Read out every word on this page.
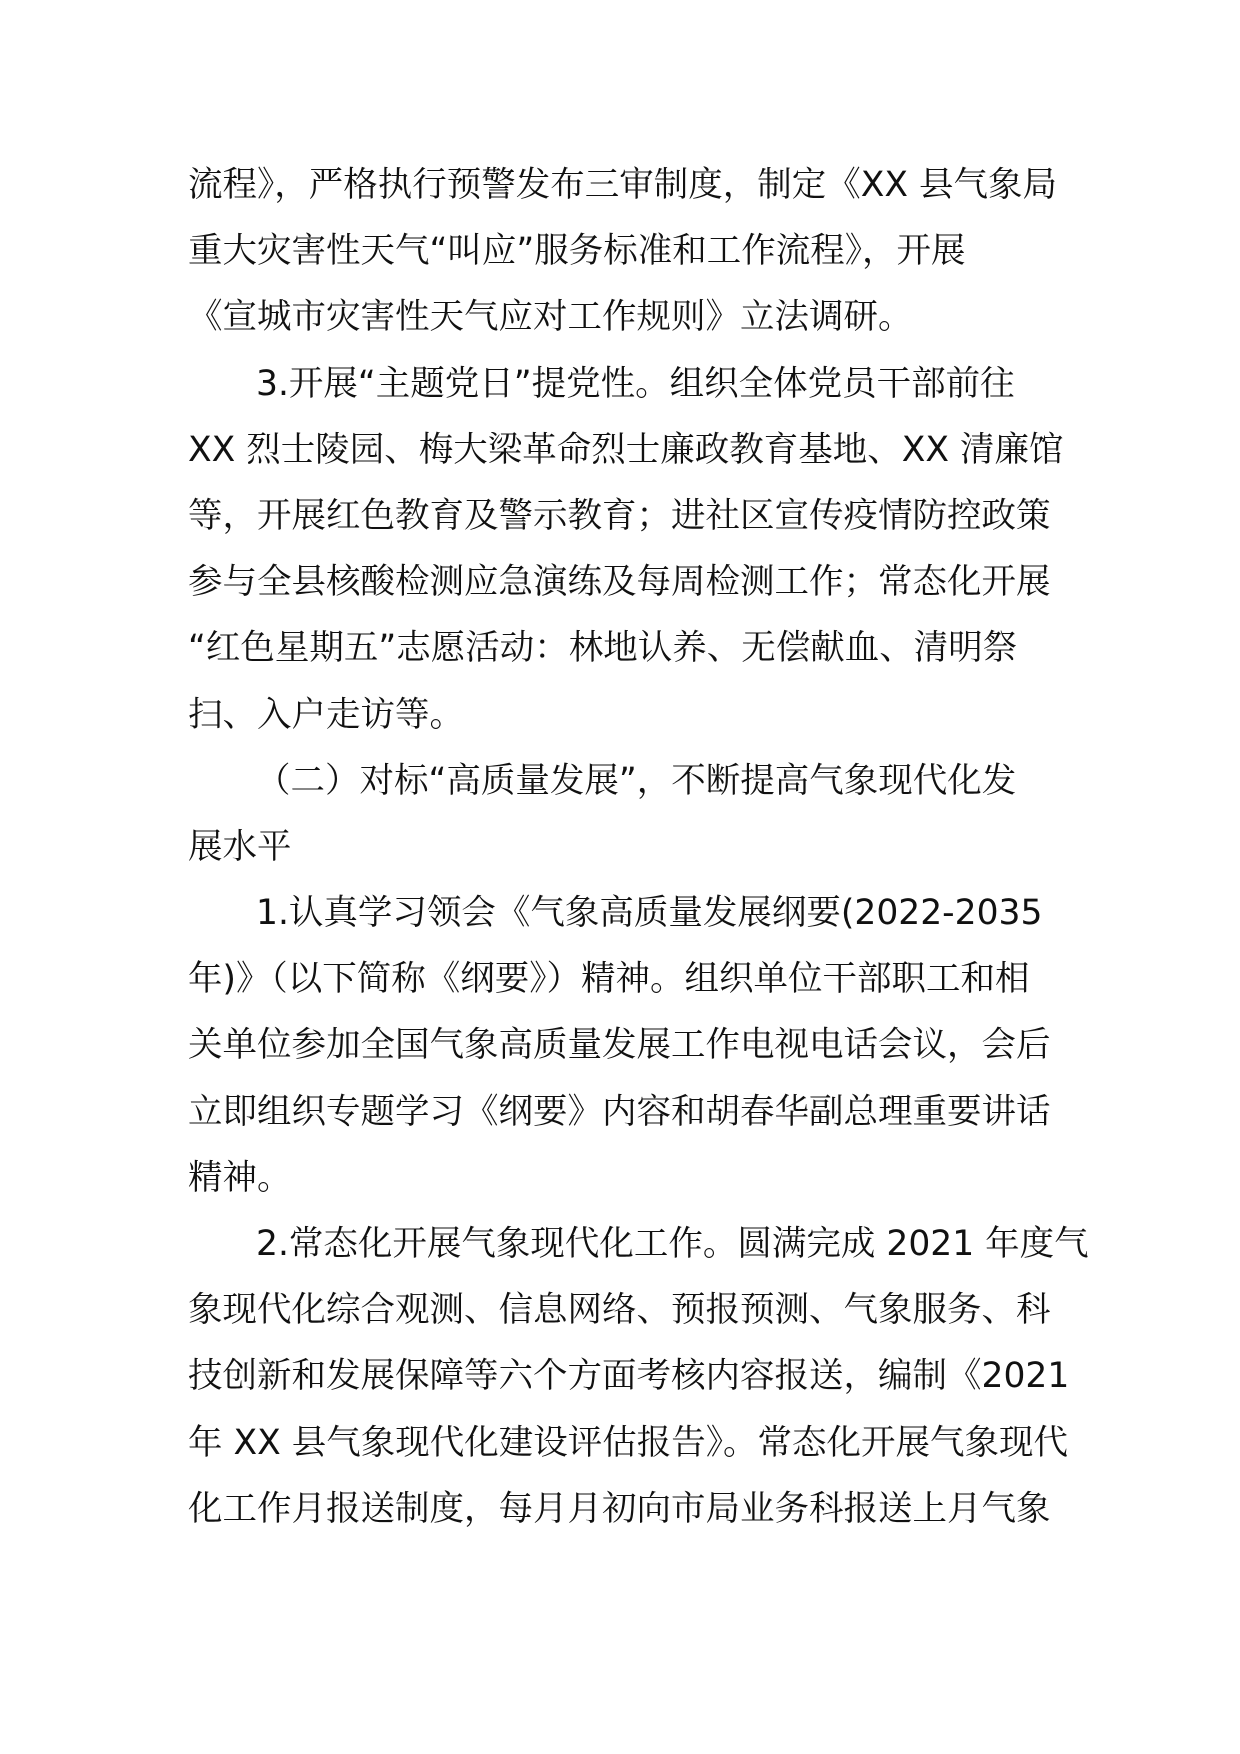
流程》，严格执行预警发布三审制度，制定《XX 县气象局
重大灾害性天气“叫应”服务标准和工作流程》，开展
《宣城市灾害性天气应对工作规则》立法调研。
3.开展“主题党日”提党性。组织全体党员干部前往
XX 烈士陵园、梅大梁革命烈士廉政教育基地、XX 清廉馆
等，开展红色教育及警示教育；进社区宣传疫情防控政策
参与全县核酸检测应急演练及每周检测工作；常态化开展
“红色星期五”志愿活动：林地认养、无偿献血、清明祭
扫、入户走访等。
（二）对标“高质量发展”，不断提高气象现代化发
展水平
1.认真学习领会《气象高质量发展纲要(2022-2035
年)》（以下简称《纲要》）精神。组织单位干部职工和相
关单位参加全国气象高质量发展工作电视电话会议，会后
立即组织专题学习《纲要》内容和胡春华副总理重要讲话
精神。
2.常态化开展气象现代化工作。圆满完成 2021 年度气
象现代化综合观测、信息网络、预报预测、气象服务、科
技创新和发展保障等六个方面考核内容报送，编制《2021
年 XX 县气象现代化建设评估报告》。常态化开展气象现代
化工作月报送制度，每月月初向市局业务科报送上月气象
